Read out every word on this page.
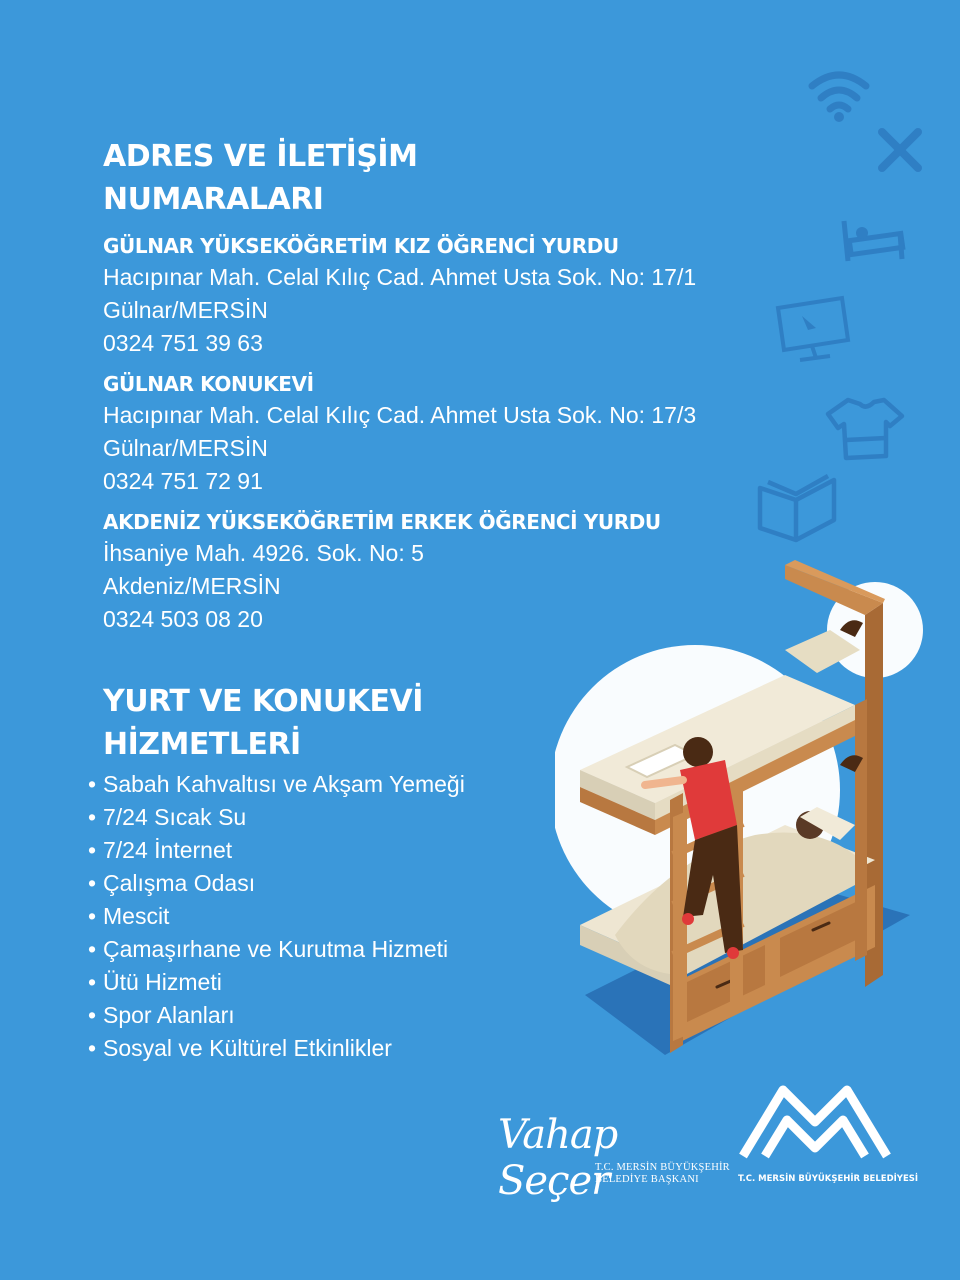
ADRES VE İLETİŞİM
NUMARALARI
GÜLNAR YÜKSEKÖĞRETİM KIZ ÖĞRENCİ YURDU
Hacıpınar Mah. Celal Kılıç Cad. Ahmet Usta Sok. No: 17/1
Gülnar/MERSİN
0324 751 39 63
GÜLNAR KONUKEVİ
Hacıpınar Mah. Celal Kılıç Cad. Ahmet Usta Sok. No: 17/3
Gülnar/MERSİN
0324 751 72 91
AKDENİZ YÜKSEKÖĞRETİM ERKEK ÖĞRENCİ YURDU
İhsaniye Mah. 4926. Sok. No: 5
Akdeniz/MERSİN
0324 503 08 20
YURT VE KONUKEVİ
HİZMETLERİ
• Sabah Kahvaltısı ve Akşam Yemeği
• 7/24 Sıcak Su
• 7/24 İnternet
• Çalışma Odası
• Mescit
• Çamaşırhane ve Kurutma Hizmeti
• Ütü Hizmeti
• Spor Alanları
• Sosyal ve Kültürel Etkinlikler
Vahap Seçer
T.C. MERSİN BÜYÜKŞEHİR
BELEDİYE BAŞKANI	T.C. MERSİN BÜYÜKŞEHİR BELEDİYESİ
